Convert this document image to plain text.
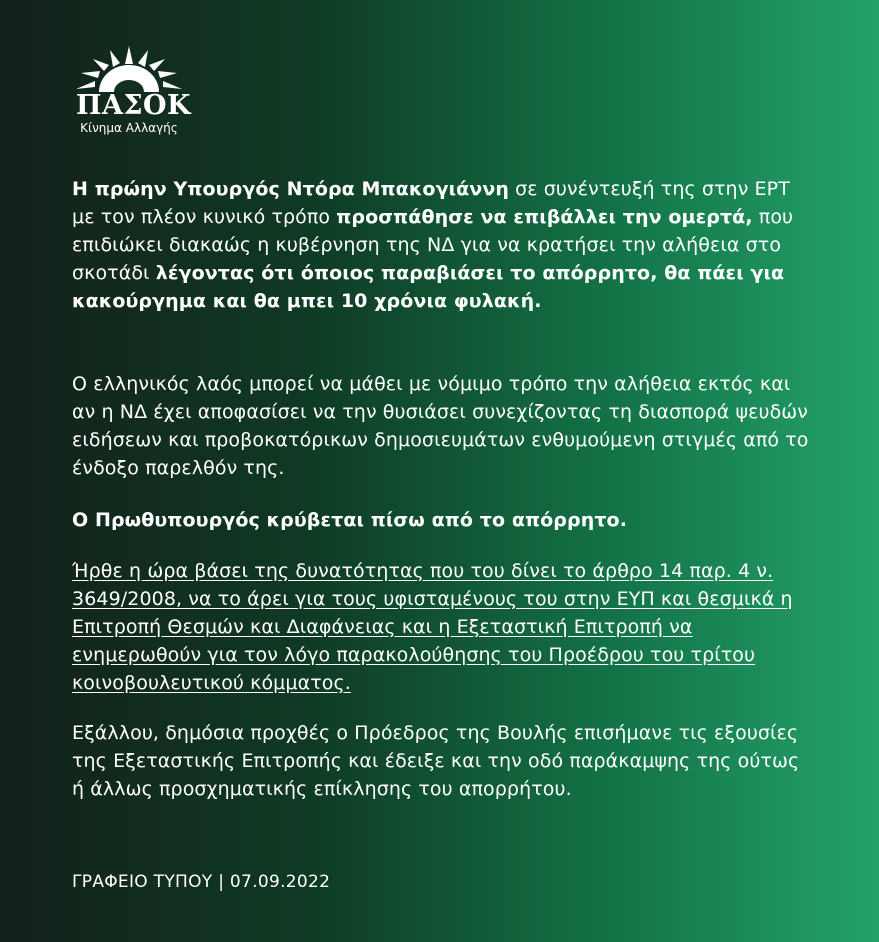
ΠΑΣΟΚ
Κίνημα Αλλαγής
Η πρώην Υπουργός Ντόρα Μπακογιάννη σε συνέντευξή της στην ΕΡΤ με τον πλέον κυνικό τρόπο προσπάθησε να επιβάλλει την ομερτά, που επιδιώκει διακαώς η κυβέρνηση της ΝΔ για να κρατήσει την αλήθεια στο σκοτάδι λέγοντας ότι όποιος παραβιάσει το απόρρητο, θα πάει για κακούργημα και θα μπει 10 χρόνια φυλακή.
Ο ελληνικός λαός μπορεί να μάθει με νόμιμο τρόπο την αλήθεια εκτός και αν η ΝΔ έχει αποφασίσει να την θυσιάσει συνεχίζοντας τη διασπορά ψευδών ειδήσεων και προβοκατόρικων δημοσιευμάτων ενθυμούμενη στιγμές από το ένδοξο παρελθόν της.
Ο Πρωθυπουργός κρύβεται πίσω από το απόρρητο.
Ήρθε η ώρα βάσει της δυνατότητας που του δίνει το άρθρο 14 παρ. 4 ν. 3649/2008, να το άρει για τους υφισταμένους του στην ΕΥΠ και θεσμικά η Επιτροπή Θεσμών και Διαφάνειας και η Εξεταστική Επιτροπή να ενημερωθούν για τον λόγο παρακολούθησης του Προέδρου του τρίτου κοινοβουλευτικού κόμματος.
Εξάλλου, δημόσια προχθές ο Πρόεδρος της Βουλής επισήμανε τις εξουσίες της Εξεταστικής Επιτροπής και έδειξε και την οδό παράκαμψης της ούτως ή άλλως προσχηματικής επίκλησης του απορρήτου.
ΓΡΑΦΕΙΟ ΤΥΠΟΥ | 07.09.2022
